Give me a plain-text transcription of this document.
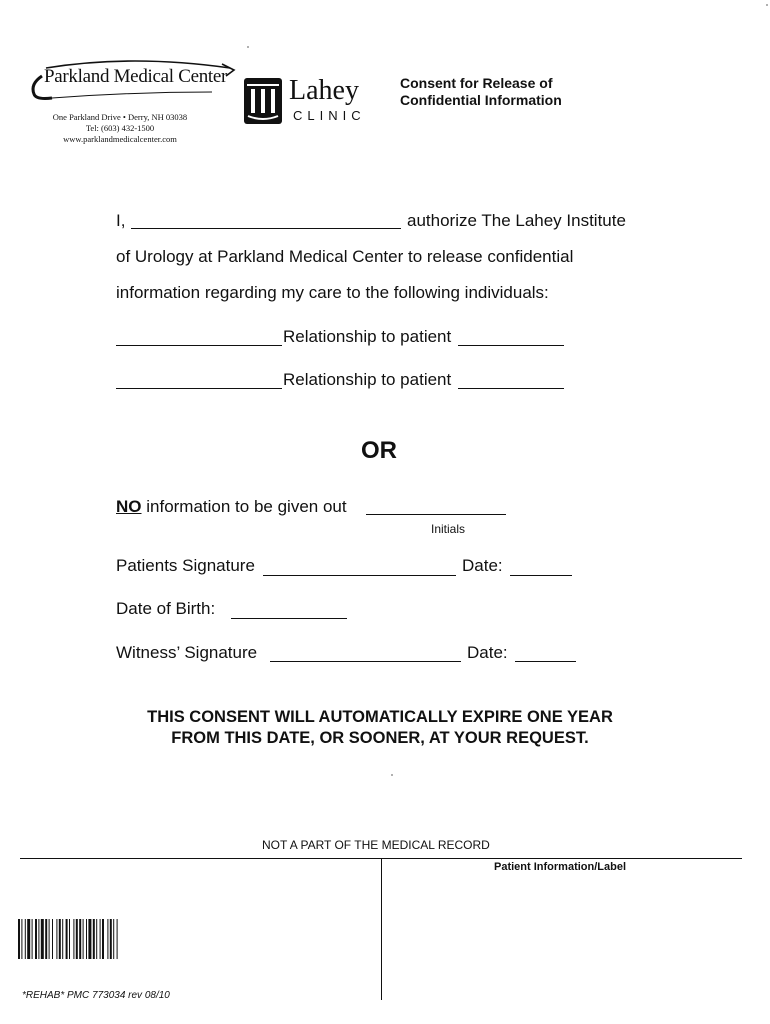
Parkland Medical Center
One Parkland Drive • Derry, NH 03038
Tel: (603) 432-1500
www.parklandmedicalcenter.com
Lahey
CLINIC
Consent for Release of
Confidential Information
I,	authorize The Lahey Institute
of Urology at Parkland Medical Center to release confidential
information regarding my care to the following individuals:
Relationship to patient
Relationship to patient
OR
NO information to be given out
Initials
Patients Signature	Date:
Date of Birth:
Witness’ Signature	Date:
THIS CONSENT WILL AUTOMATICALLY EXPIRE ONE YEAR
FROM THIS DATE, OR SOONER, AT YOUR REQUEST.
NOT A PART OF THE MEDICAL RECORD
Patient Information/Label
*REHAB* PMC 773034 rev 08/10
